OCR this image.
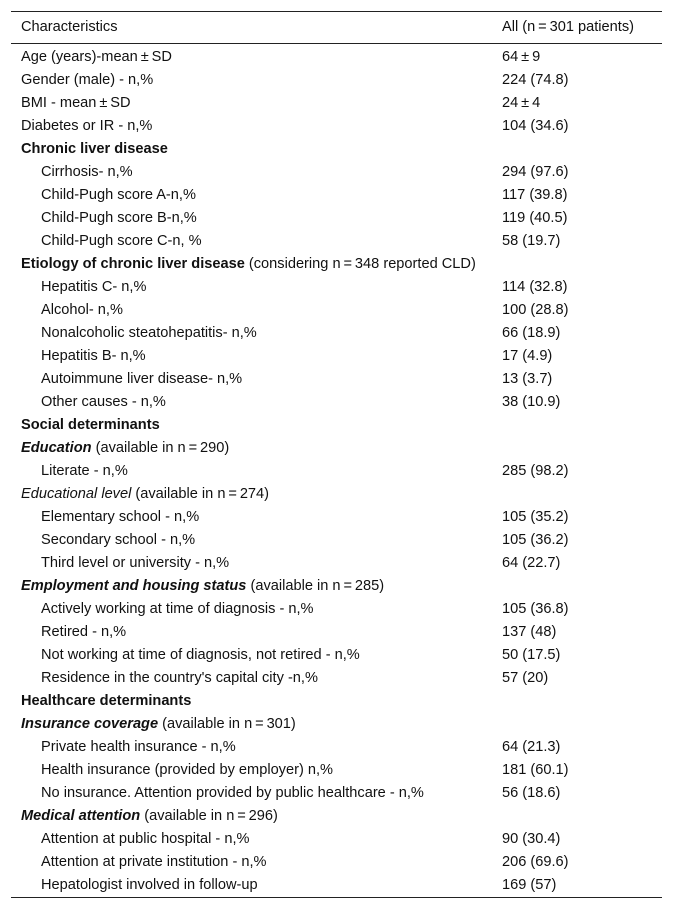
Characteristics	All (n = 301 patients)
Age (years)-mean ± SD	64 ± 9
Gender (male) - n,%	224 (74.8)
BMI - mean ± SD	24 ± 4
Diabetes or IR - n,%	104 (34.6)
Chronic liver disease	
Cirrhosis- n,%	294 (97.6)
Child-Pugh score A-n,%	117 (39.8)
Child-Pugh score B-n,%	119 (40.5)
Child-Pugh score C-n, %	58 (19.7)
Etiology of chronic liver disease (considering n = 348 reported CLD)	
Hepatitis C- n,%	114 (32.8)
Alcohol- n,%	100 (28.8)
Nonalcoholic steatohepatitis- n,%	66 (18.9)
Hepatitis B- n,%	17 (4.9)
Autoimmune liver disease- n,%	13 (3.7)
Other causes - n,%	38 (10.9)
Social determinants	
Education (available in n = 290)	
Literate - n,%	285 (98.2)
Educational level (available in n = 274)	
Elementary school - n,%	105 (35.2)
Secondary school - n,%	105 (36.2)
Third level or university - n,%	64 (22.7)
Employment and housing status (available in n = 285)	
Actively working at time of diagnosis - n,%	105 (36.8)
Retired - n,%	137 (48)
Not working at time of diagnosis, not retired - n,%	50 (17.5)
Residence in the country's capital city -n,%	57 (20)
Healthcare determinants	
Insurance coverage (available in n = 301)	
Private health insurance - n,%	64 (21.3)
Health insurance (provided by employer) n,%	181 (60.1)
No insurance. Attention provided by public healthcare - n,%	56 (18.6)
Medical attention (available in n = 296)	
Attention at public hospital - n,%	90 (30.4)
Attention at private institution - n,%	206 (69.6)
Hepatologist involved in follow-up	169 (57)
